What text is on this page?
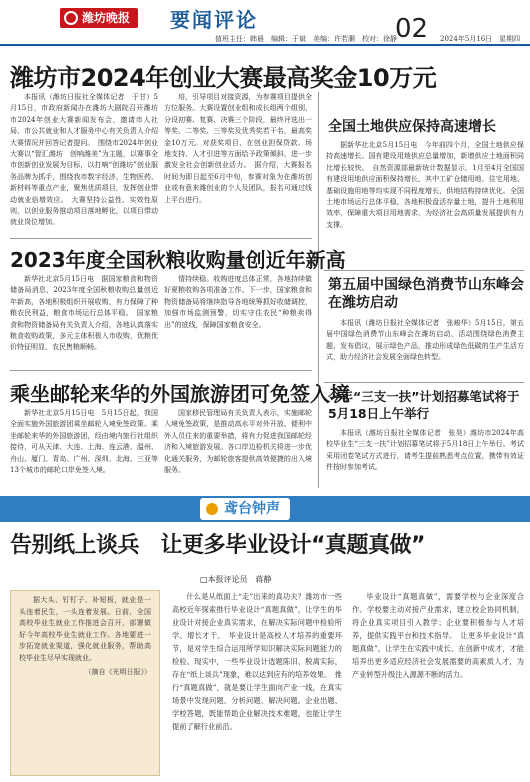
潍坊晚报	要闻评论	02
值班主任：韩晨　编辑：于斌　美编：许若灏　校对：徐静	2024年5月16日　星期四
潍坊市2024年创业大赛最高奖金10万元

本报讯（潍坊日报社全媒体记者　于甘）5月15日，市政府新闻办在潍坊大剧院召开潍坊市2024年创业大赛新闻发布会，邀请市人社局、市公共就业和人才服务中心有关负责人介绍大赛情况并回答记者提问。　围绕市2024年创业大赛以“智汇潍坊　创响潍美”为主题，以赛事全市创新创业发展为目标，以打响“创潍坊”创业服务品牌为抓手，围绕我市数字经济、生物医药、新材料等重点产业，聚焦优质项目，发挥创业带动就业倍增效应。　大赛坚持公益性、实效性原则，以创业服务推动项目落地孵化，以项目带动就业岗位增加。

培，引导项目对接资源，为参赛项目提供全方位服务。大赛设置创业组和成长组两个组别，分设初赛、复赛、决赛三个阶段，最终评选出一等奖、二等奖、三等奖及优秀奖若干名，最高奖金10万元。对获奖项目，在创业担保贷款、场地支持、人才引进等方面给予政策倾斜，进一步激发全社会创新创业活力。　据介绍，大赛报名时间为即日起至6月中旬，参赛对象为在潍坊创业或有意来潍创业的个人及团队，报名可通过线上平台进行。

全国土地供应保持高速增长

据新华社北京5月15日电　今年前四个月，全国土地供应保持高速增长。国有建设用地供应总量增加，新增供应土地面积同比增长较快。　自然资源部最新统计数据显示，1月至4月全国国有建设用地供应面积保持增长，其中工矿仓储用地、住宅用地、基础设施用地等均实现不同程度增长，供地结构持续优化。全国土地市场运行总体平稳，各地积极盘活存量土地，提升土地利用效率，保障重大项目用地需求，为经济社会高质量发展提供有力支撑。

第五届中国绿色消费节山东峰会在潍坊启动

本报讯（潍坊日报社全媒体记者　张峻华）5月15日，第五届中国绿色消费节山东峰会在潍坊启动，活动围绕绿色消费主题，发布倡议，展示绿色产品，推动形成绿色低碳的生产生活方式，助力经济社会发展全面绿色转型。

今年“三支一扶”计划招募笔试将于5月18日上午举行

本报讯（潍坊日报社全媒体记者　张昊）潍坊市2024年高校毕业生“三支一扶”计划招募笔试将于5月18日上午举行。考试采用闭卷笔试方式进行，请考生提前熟悉考点位置，携带有效证件按时参加考试。

2023年度全国秋粮收购量创近年新高

新华社北京5月15日电　据国家粮食和物资储备局消息，2023年度全国秋粮收购总量创近年新高，各地积极组织开展收购，有力保障了种粮农民利益，粮食市场运行总体平稳。　国家粮食和物资储备局有关负责人介绍，各地认真落实粮食收购政策，多元主体积极入市收购，优粮优价特征明显，农民售粮顺畅。

情持续稳。收购进度总体正常，各地持续做好夏粮收购各项准备工作。下一步，国家粮食和物资储备局将继续指导各地统筹抓好收储调控，加强市场监测预警，切实守住农民“种粮卖得出”的底线，保障国家粮食安全。

乘坐邮轮来华的外国旅游团可免签入境

新华社北京5月15日电　5月15日起，我国全面实施外国旅游团乘坐邮轮入境免签政策。乘坐邮轮来华的外国旅游团，经由境内旅行社组织接待，可从天津、大连、上海、连云港、温州、舟山、厦门、青岛、广州、深圳、北海、三亚等13个城市的邮轮口岸免签入境。

国家移民管理局有关负责人表示，实施邮轮入境免签政策，是推动高水平对外开放、便利中外人员往来的重要举措，将有力促进我国邮轮经济和入境旅游发展。各口岸边检机关将进一步优化通关服务，为邮轮旅客提供高效便捷的出入境服务。

鸢台钟声
告别纸上谈兵　让更多毕业设计“真题真做”
□本报评论员　蒋静

据大头、钉钉子、补短板，就业是一头连着民生，一头连着发展。日前，全国高校毕业生就业工作推进会召开，部署做好今年高校毕业生就业工作。各地要进一步拓宽就业渠道，强化就业服务，帮助高校毕业生尽早实现就业。

（摘自《光明日报》）

什么是从纸面上“走”出来的真功夫？潍坊市一些高校近年探索推行毕业设计“真题真做”，让学生的毕业设计对接企业真实需求，在解决实际问题中检验所学、增长才干。　毕业设计是高校人才培养的重要环节，是对学生综合运用所学知识解决实际问题能力的检验。现实中，一些毕业设计选题陈旧、脱离实际，存在“纸上谈兵”现象，难以达到应有的培养效果。　推行“真题真做”，就是要让学生面向产业一线，在真实场景中发现问题、分析问题、解决问题。企业出题、学校答题，既能帮助企业解决技术难题，也能让学生提前了解行业前沿。

毕业设计“真题真做”，需要学校与企业深度合作。学校要主动对接产业需求，建立校企协同机制，将企业真实项目引入教学；企业要积极参与人才培养，提供实践平台和技术指导。　让更多毕业设计“真题真做”，让学生在实践中成长、在创新中成才，才能培养出更多适应经济社会发展需要的高素质人才，为产业转型升级注入源源不断的活力。
